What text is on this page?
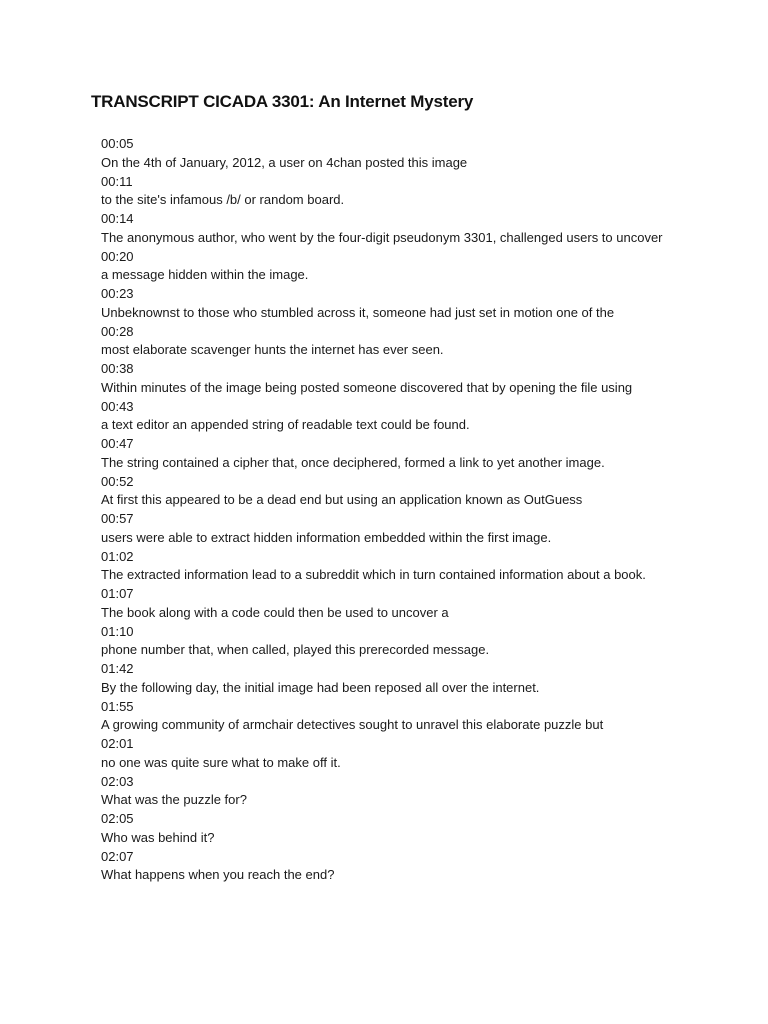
TRANSCRIPT CICADA 3301: An Internet Mystery

00:05

On the 4th of January, 2012, a user on 4chan posted this image

00:11

to the site's infamous /b/ or random board.

00:14

The anonymous author, who went by the four-digit pseudonym 3301, challenged users to uncover

00:20

a message hidden within the image.

00:23

Unbeknownst to those who stumbled across it, someone had just set in motion one of the

00:28

most elaborate scavenger hunts the internet has ever seen.

00:38

Within minutes of the image being posted someone discovered that by opening the file using

00:43

a text editor an appended string of readable text could be found.

00:47

The string contained a cipher that, once deciphered, formed a link to yet another image.

00:52

At first this appeared to be a dead end but using an application known as OutGuess

00:57

users were able to extract hidden information embedded within the first image.

01:02

The extracted information lead to a subreddit which in turn contained information about a book.

01:07

The book along with a code could then be used to uncover a

01:10

phone number that, when called, played this prerecorded message.

01:42

By the following day, the initial image had been reposed all over the internet.

01:55

A growing community of armchair detectives sought to unravel this elaborate puzzle but

02:01

no one was quite sure what to make off it.

02:03

What was the puzzle for?

02:05

Who was behind it?

02:07

What happens when you reach the end?
